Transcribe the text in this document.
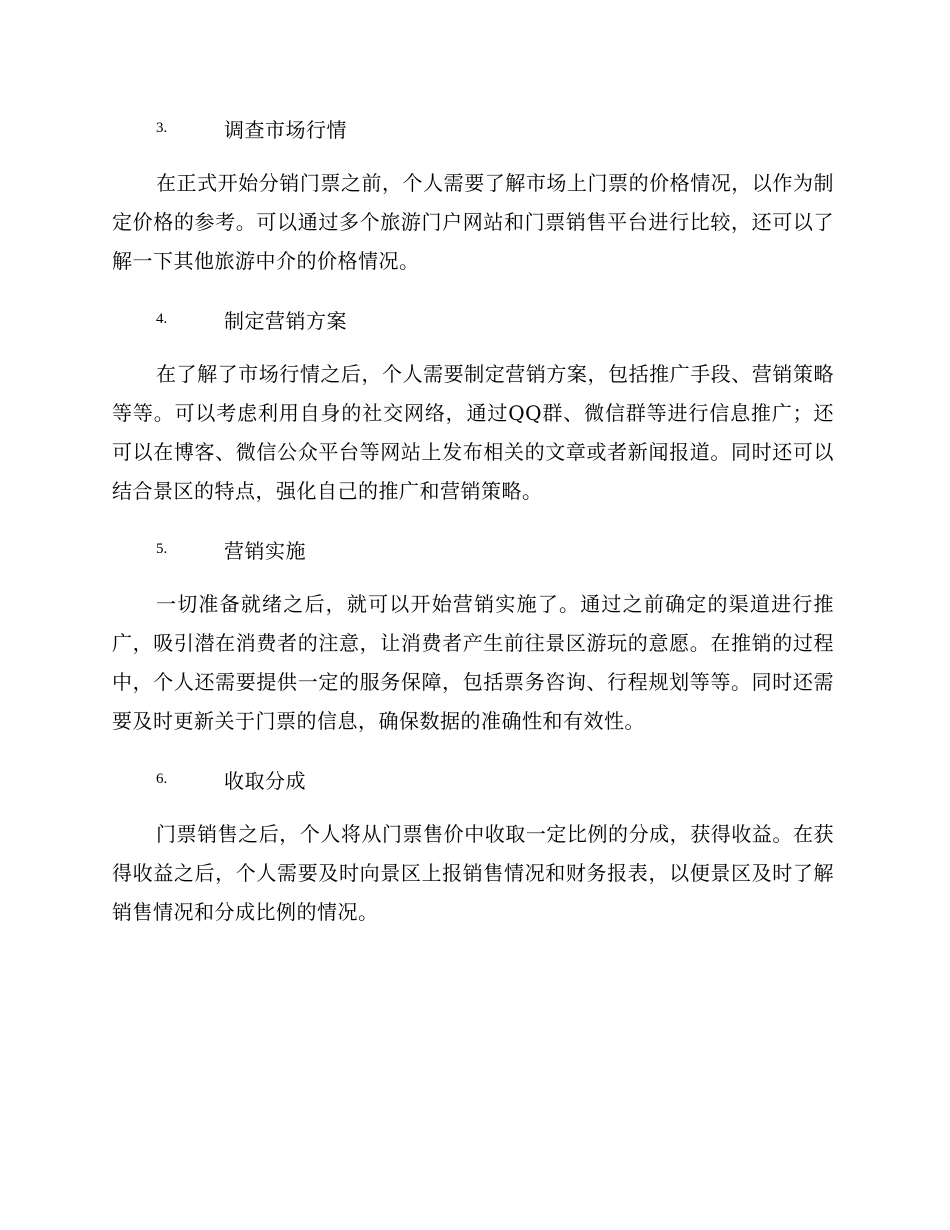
3.	调查市场行情

在正式开始分销门票之前，个人需要了解市场上门票的价格情况，以作为制定价格的参考。可以通过多个旅游门户网站和门票销售平台进行比较，还可以了解一下其他旅游中介的价格情况。

4.	制定营销方案

在了解了市场行情之后，个人需要制定营销方案，包括推广手段、营销策略等等。可以考虑利用自身的社交网络，通过QQ群、微信群等进行信息推广；还可以在博客、微信公众平台等网站上发布相关的文章或者新闻报道。同时还可以结合景区的特点，强化自己的推广和营销策略。

5.	营销实施

一切准备就绪之后，就可以开始营销实施了。通过之前确定的渠道进行推广，吸引潜在消费者的注意，让消费者产生前往景区游玩的意愿。在推销的过程中，个人还需要提供一定的服务保障，包括票务咨询、行程规划等等。同时还需要及时更新关于门票的信息，确保数据的准确性和有效性。

6.	收取分成

门票销售之后，个人将从门票售价中收取一定比例的分成，获得收益。在获得收益之后，个人需要及时向景区上报销售情况和财务报表，以便景区及时了解销售情况和分成比例的情况。
